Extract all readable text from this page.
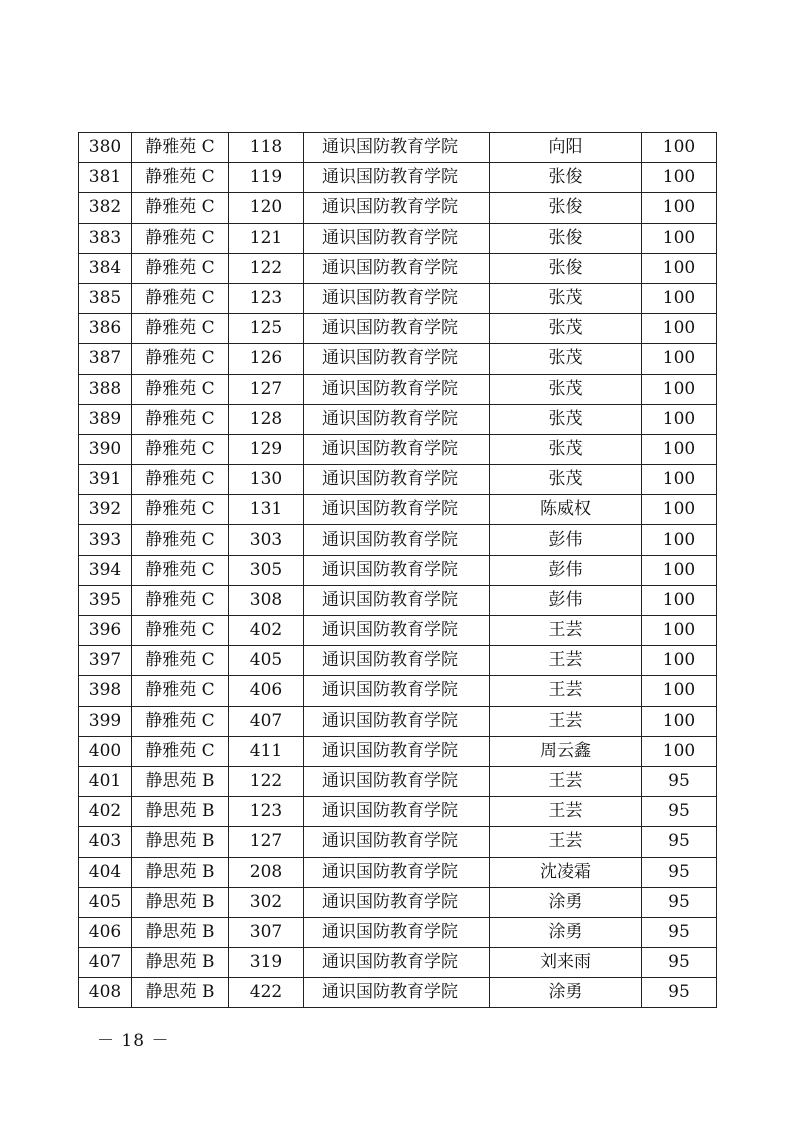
380	静雅苑 C	118	通识国防教育学院	向阳	100
381	静雅苑 C	119	通识国防教育学院	张俊	100
382	静雅苑 C	120	通识国防教育学院	张俊	100
383	静雅苑 C	121	通识国防教育学院	张俊	100
384	静雅苑 C	122	通识国防教育学院	张俊	100
385	静雅苑 C	123	通识国防教育学院	张茂	100
386	静雅苑 C	125	通识国防教育学院	张茂	100
387	静雅苑 C	126	通识国防教育学院	张茂	100
388	静雅苑 C	127	通识国防教育学院	张茂	100
389	静雅苑 C	128	通识国防教育学院	张茂	100
390	静雅苑 C	129	通识国防教育学院	张茂	100
391	静雅苑 C	130	通识国防教育学院	张茂	100
392	静雅苑 C	131	通识国防教育学院	陈威权	100
393	静雅苑 C	303	通识国防教育学院	彭伟	100
394	静雅苑 C	305	通识国防教育学院	彭伟	100
395	静雅苑 C	308	通识国防教育学院	彭伟	100
396	静雅苑 C	402	通识国防教育学院	王芸	100
397	静雅苑 C	405	通识国防教育学院	王芸	100
398	静雅苑 C	406	通识国防教育学院	王芸	100
399	静雅苑 C	407	通识国防教育学院	王芸	100
400	静雅苑 C	411	通识国防教育学院	周云鑫	100
401	静思苑 B	122	通识国防教育学院	王芸	95
402	静思苑 B	123	通识国防教育学院	王芸	95
403	静思苑 B	127	通识国防教育学院	王芸	95
404	静思苑 B	208	通识国防教育学院	沈凌霜	95
405	静思苑 B	302	通识国防教育学院	涂勇	95
406	静思苑 B	307	通识国防教育学院	涂勇	95
407	静思苑 B	319	通识国防教育学院	刘来雨	95
408	静思苑 B	422	通识国防教育学院	涂勇	95
－ 18 －
